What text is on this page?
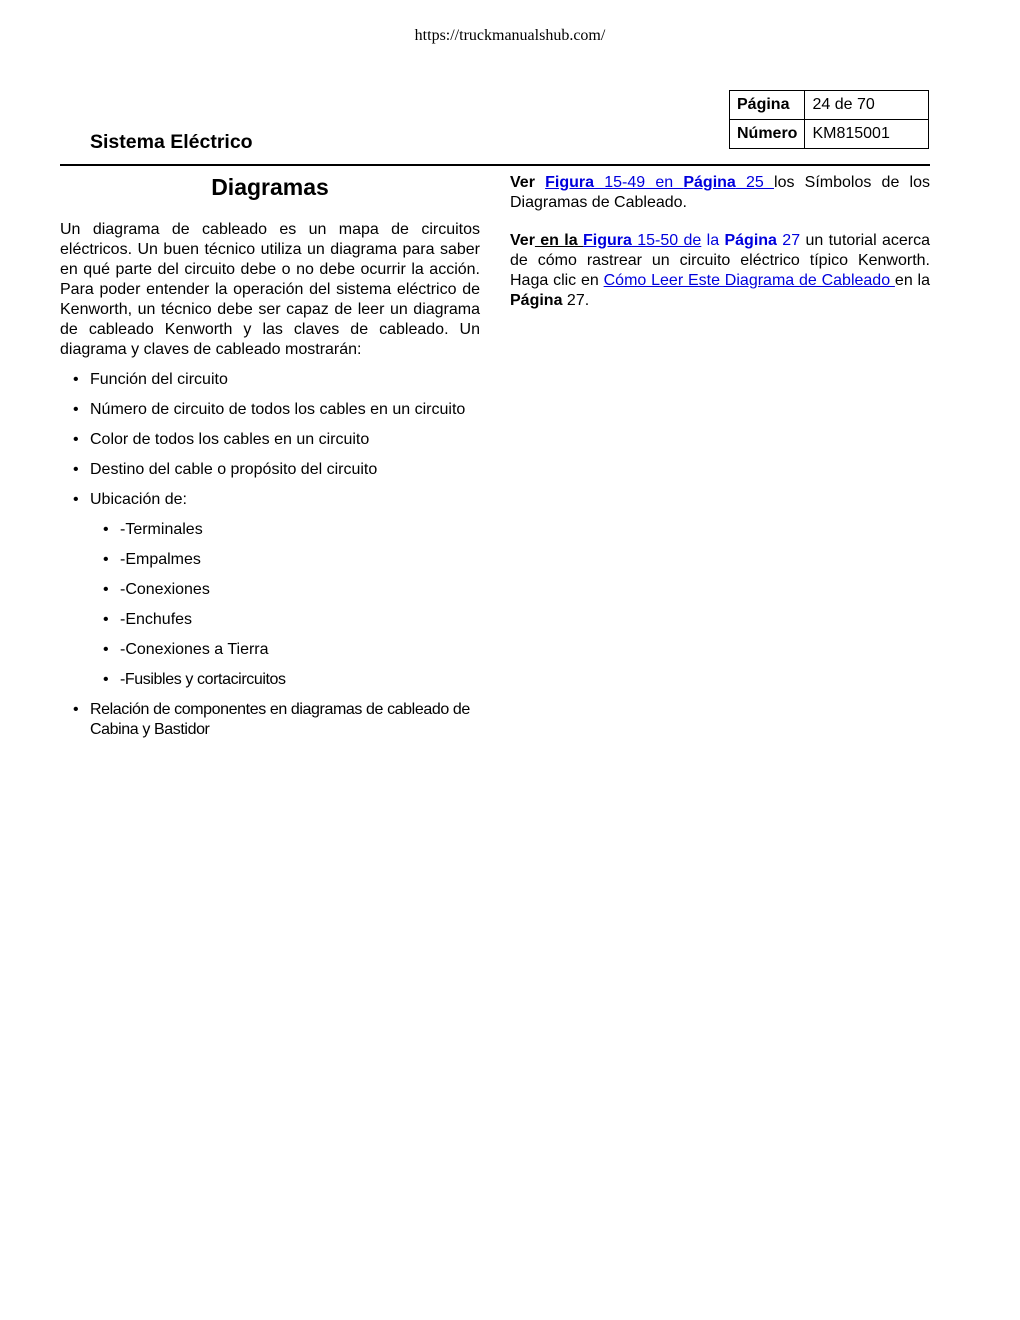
https://truckmanualshub.com/
Página	24 de 70
Número	KM815001
Sistema Eléctrico
Diagramas

Un diagrama de cableado es un mapa de circuitos eléctricos. Un buen técnico utiliza un diagrama para saber en qué parte del circuito debe o no debe ocurrir la acción. Para poder entender la operación del sistema eléctrico de Kenworth, un técnico debe ser capaz de leer un diagrama de cableado Kenworth y las claves de cableado. Un diagrama y claves de cableado mostrarán:

• Función del circuito
• Número de circuito de todos los cables en un circuito
• Color de todos los cables en un circuito
• Destino del cable o propósito del circuito
• Ubicación de:
• -Terminales
• -Empalmes
• -Conexiones
• -Enchufes
• -Conexiones a Tierra
• -Fusibles y cortacircuitos
• Relación de componentes en diagramas de cableado de Cabina y Bastidor

Ver Figura 15-49 en Página 25 los Símbolos de los Diagramas de Cableado.

Ver en la Figura 15-50 de la Página 27 un tutorial acerca de cómo rastrear un circuito eléctrico típico Kenworth. Haga clic en Cómo Leer Este Diagrama de Cableado en la Página 27.
